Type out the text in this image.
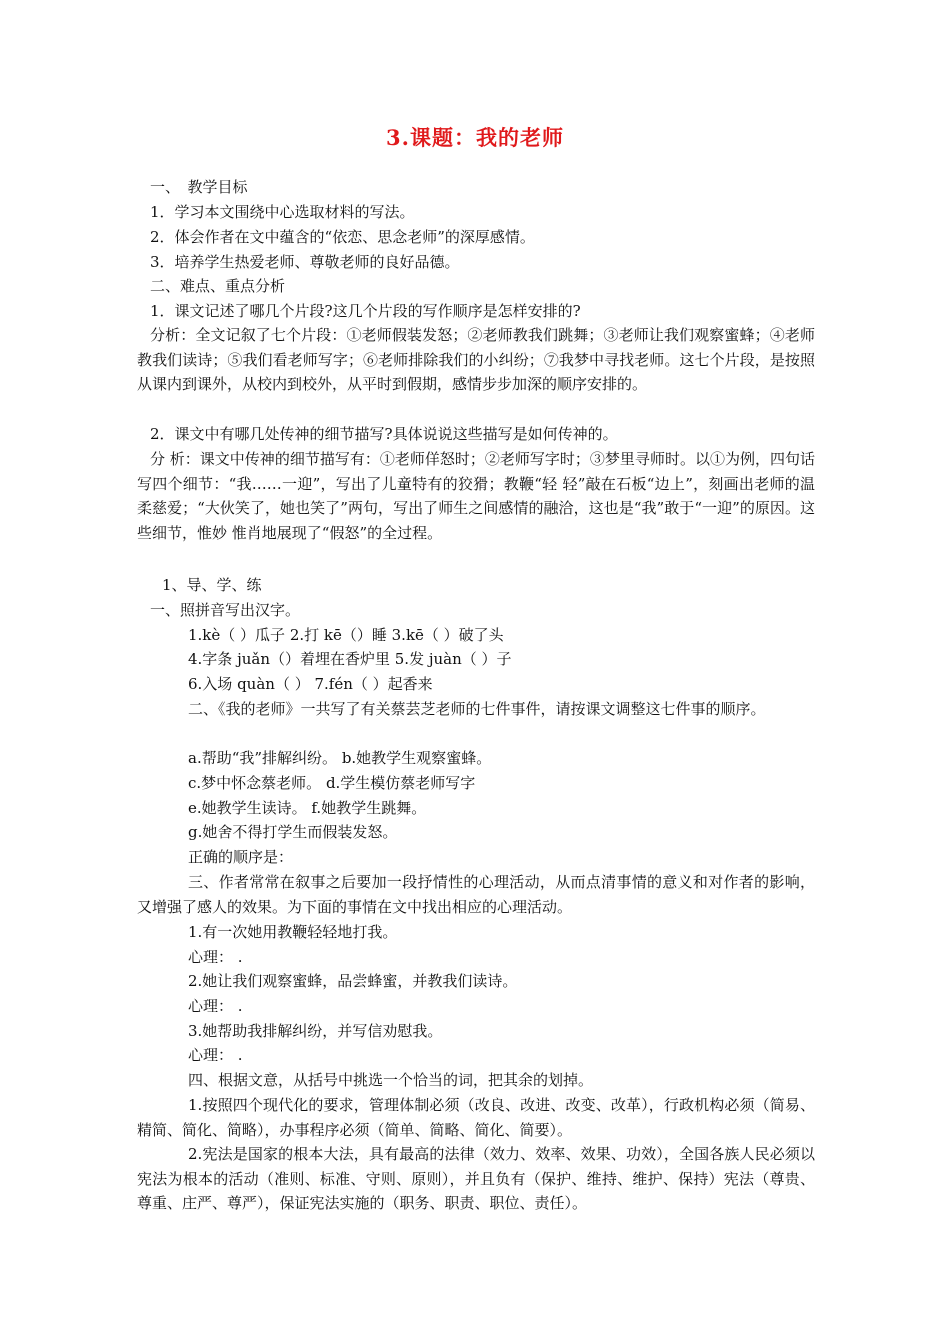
3.课题：我的老师
一、　教学目标
1．学习本文围绕中心选取材料的写法。
2．体会作者在文中蕴含的“依恋、思念老师”的深厚感情。
3．培养学生热爱老师、尊敬老师的良好品德。
二、难点、重点分析
1．课文记述了哪几个片段?这几个片段的写作顺序是怎样安排的?
分析：全文记叙了七个片段：①老师假装发怒；②老师教我们跳舞；③老师让我们观察蜜蜂；④老师教我们读诗；⑤我们看老师写字；⑥老师排除我们的小纠纷；⑦我梦中寻找老师。这七个片段，是按照从课内到课外，从校内到校外，从平时到假期，感情步步加深的顺序安排的。
2．课文中有哪几处传神的细节描写?具体说说这些描写是如何传神的。
分 析：课文中传神的细节描写有：①老师佯怒时；②老师写字时；③梦里寻师时。以①为例，四句话写四个细节：“我……一迎”，写出了儿童特有的狡猾；教鞭“轻 轻”敲在石板“边上”，刻画出老师的温柔慈爱；“大伙笑了，她也笑了”两句，写出了师生之间感情的融洽，这也是“我”敢于“一迎”的原因。这些细节，惟妙 惟肖地展现了“假怒”的全过程。
1、导、学、练
一、照拼音写出汉字。
1.kè（ ）瓜子 2.打 kē（）睡 3.kē（ ）破了头
4.字条 juǎn（）着埋在香炉里 5.发 juàn（ ）子
6.入场 quàn（ ） 7.fén（ ）起香来
二、《我的老师》一共写了有关蔡芸芝老师的七件事件，请按课文调整这七件事的顺序。
a.帮助“我”排解纠纷。 b.她教学生观察蜜蜂。
c.梦中怀念蔡老师。 d.学生模仿蔡老师写字
e.她教学生读诗。 f.她教学生跳舞。
g.她舍不得打学生而假装发怒。
正确的顺序是：
三、作者常常在叙事之后要加一段抒情性的心理活动，从而点清事情的意义和对作者的影响，又增强了感人的效果。为下面的事情在文中找出相应的心理活动。
1.有一次她用教鞭轻轻地打我。
心理： .
2.她让我们观察蜜蜂，品尝蜂蜜，并教我们读诗。
心理： .
3.她帮助我排解纠纷，并写信劝慰我。
心理： .
四、根据文意，从括号中挑选一个恰当的词，把其余的划掉。
1.按照四个现代化的要求，管理体制必须（改良、改进、改变、改革），行政机构必须（简易、精简、简化、简略），办事程序必须（简单、简略、简化、简要）。
2.宪法是国家的根本大法，具有最高的法律（效力、效率、效果、功效），全国各族人民必须以宪法为根本的活动（准则、标准、守则、原则），并且负有（保护、维持、维护、保持）宪法（尊贵、尊重、庄严、尊严），保证宪法实施的（职务、职责、职位、责任）。
